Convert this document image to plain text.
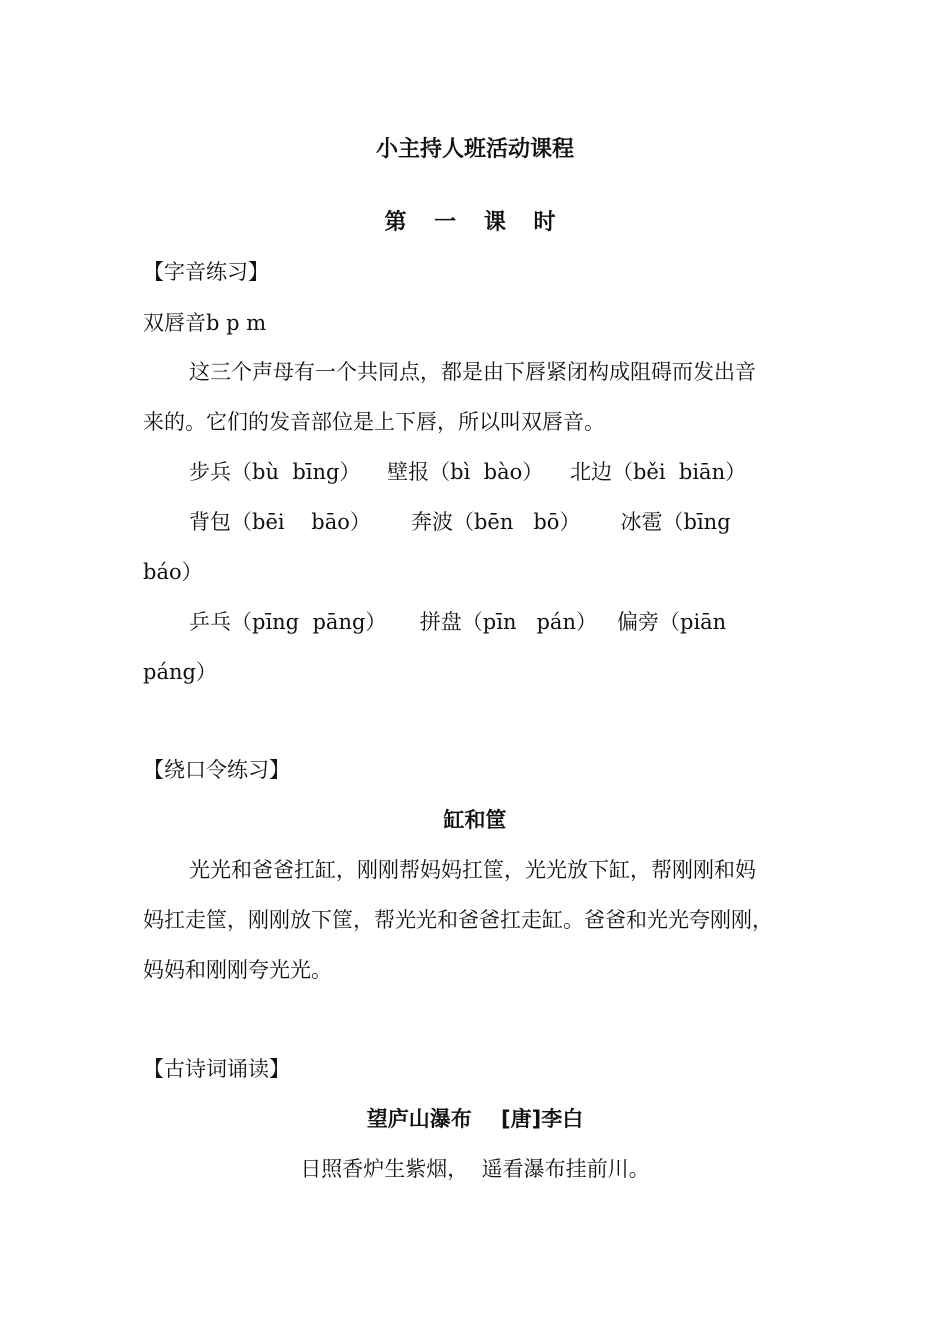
小主持人班活动课程
第 一 课 时
【字音练习】
双唇音b p m
这三个声母有一个共同点，都是由下唇紧闭构成阻碍而发出音
来的。它们的发音部位是上下唇，所以叫双唇音。
步兵（bù  bīng）    壁报（bì  bào）    北边（běi  biān）
背包（bēi    bāo）      奔波（bēn   bō）      冰雹（bīng
báo）
乒乓（pīng  pāng）     拼盘（pīn   pán）   偏旁（piān
páng）
【绕口令练习】
缸和筐
光光和爸爸扛缸，刚刚帮妈妈扛筐，光光放下缸，帮刚刚和妈
妈扛走筐，刚刚放下筐，帮光光和爸爸扛走缸。爸爸和光光夸刚刚，
妈妈和刚刚夸光光。
【古诗词诵读】
望庐山瀑布    [唐]李白
日照香炉生紫烟，  遥看瀑布挂前川。
